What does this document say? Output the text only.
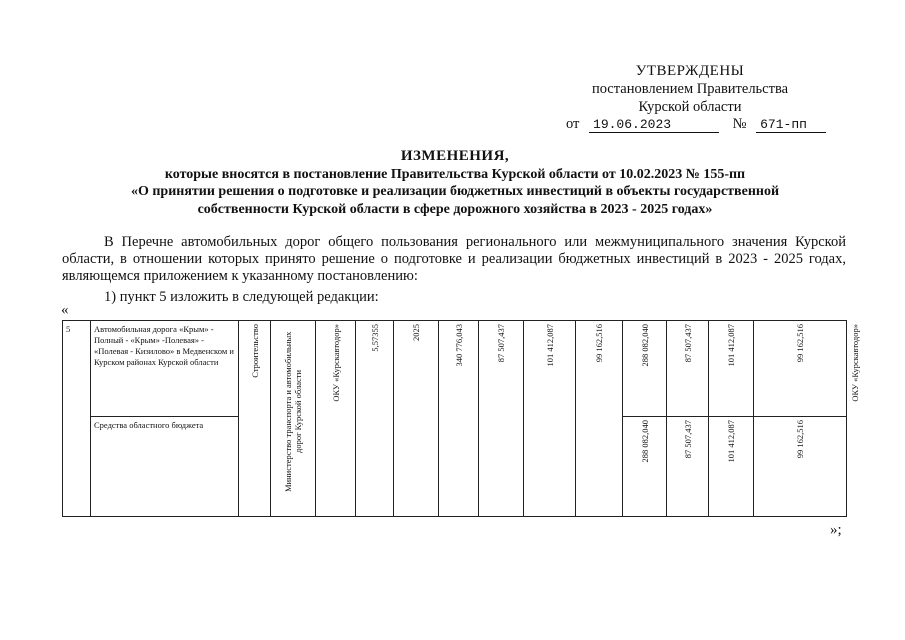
УТВЕРЖДЕНЫ
постановлением Правительства
Курской области
от 19.06.2023	№ 671-пп
ИЗМЕНЕНИЯ,
которые вносятся в постановление Правительства Курской области от 10.02.2023 № 155-пп
«О принятии решения о подготовке и реализации бюджетных инвестиций в объекты государственной
собственности Курской области в сфере дорожного хозяйства в 2023 - 2025 годах»

В Перечне автомобильных дорог общего пользования регионального или межмуниципального значения Курской области, в отношении которых принято решение о подготовке и реализации бюджетных инвестиций в 2023 - 2025 годах, являющемся приложением к указанному постановлению:

1) пункт 5 изложить в следующей редакции:
«
5	Автомобильная дорога «Крым» - Полный - «Крым» -Полевая» - «Полевая - Кизилово» в Медвенском и Курском районах Курской области	Строительство	Министерство транспорта и автомобильных дорог Курской области	ОКУ «Курскавтодор»	5,57355	2025	340 776,043	87 507,437	101 412,087	99 162,516	288 082,040	87 507,437	101 412,087	99 162,516	ОКУ «Курскавтодор»
	Средства областного бюджета										288 082,040	87 507,437	101 412,087	99 162,516	
»;
